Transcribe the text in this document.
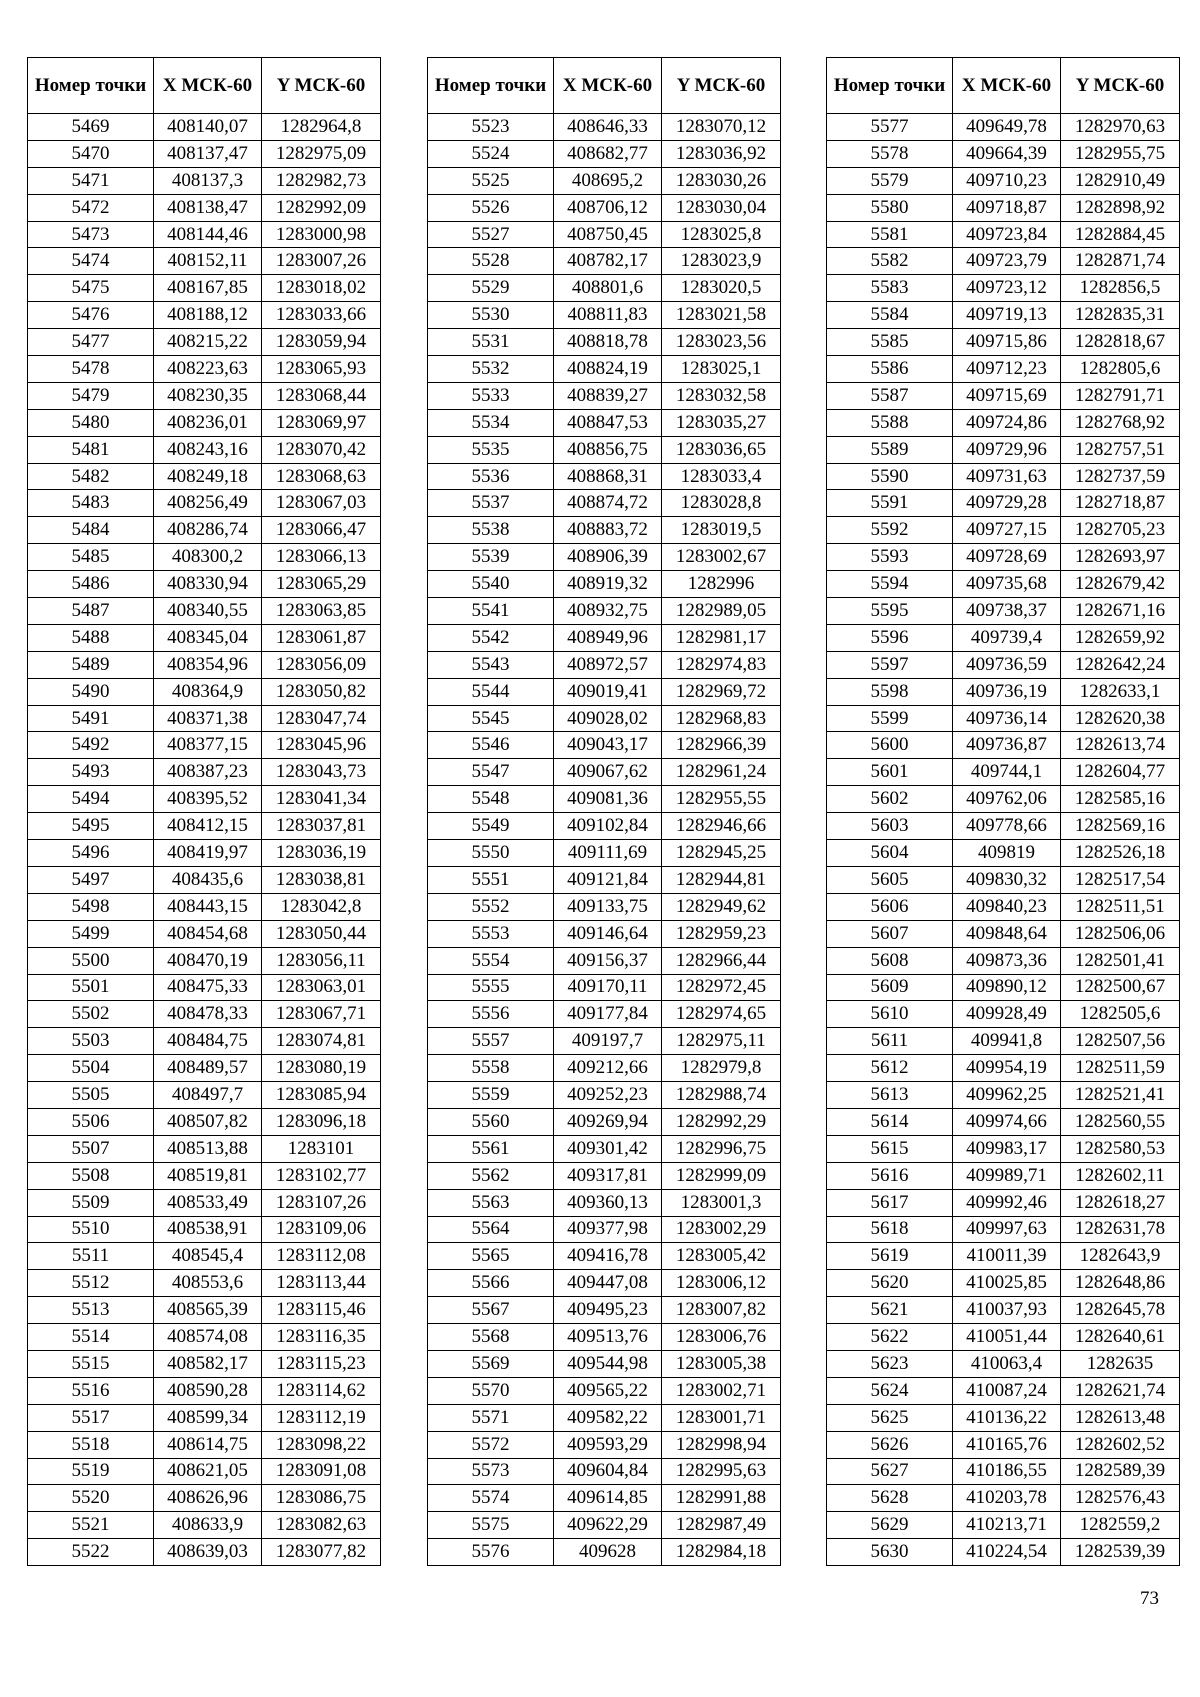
Номер точки	X МСК-60	Y МСК-60
5469	408140,07	1282964,8
5470	408137,47	1282975,09
5471	408137,3	1282982,73
5472	408138,47	1282992,09
5473	408144,46	1283000,98
5474	408152,11	1283007,26
5475	408167,85	1283018,02
5476	408188,12	1283033,66
5477	408215,22	1283059,94
5478	408223,63	1283065,93
5479	408230,35	1283068,44
5480	408236,01	1283069,97
5481	408243,16	1283070,42
5482	408249,18	1283068,63
5483	408256,49	1283067,03
5484	408286,74	1283066,47
5485	408300,2	1283066,13
5486	408330,94	1283065,29
5487	408340,55	1283063,85
5488	408345,04	1283061,87
5489	408354,96	1283056,09
5490	408364,9	1283050,82
5491	408371,38	1283047,74
5492	408377,15	1283045,96
5493	408387,23	1283043,73
5494	408395,52	1283041,34
5495	408412,15	1283037,81
5496	408419,97	1283036,19
5497	408435,6	1283038,81
5498	408443,15	1283042,8
5499	408454,68	1283050,44
5500	408470,19	1283056,11
5501	408475,33	1283063,01
5502	408478,33	1283067,71
5503	408484,75	1283074,81
5504	408489,57	1283080,19
5505	408497,7	1283085,94
5506	408507,82	1283096,18
5507	408513,88	1283101
5508	408519,81	1283102,77
5509	408533,49	1283107,26
5510	408538,91	1283109,06
5511	408545,4	1283112,08
5512	408553,6	1283113,44
5513	408565,39	1283115,46
5514	408574,08	1283116,35
5515	408582,17	1283115,23
5516	408590,28	1283114,62
5517	408599,34	1283112,19
5518	408614,75	1283098,22
5519	408621,05	1283091,08
5520	408626,96	1283086,75
5521	408633,9	1283082,63
5522	408639,03	1283077,82
Номер точки	X МСК-60	Y МСК-60
5523	408646,33	1283070,12
5524	408682,77	1283036,92
5525	408695,2	1283030,26
5526	408706,12	1283030,04
5527	408750,45	1283025,8
5528	408782,17	1283023,9
5529	408801,6	1283020,5
5530	408811,83	1283021,58
5531	408818,78	1283023,56
5532	408824,19	1283025,1
5533	408839,27	1283032,58
5534	408847,53	1283035,27
5535	408856,75	1283036,65
5536	408868,31	1283033,4
5537	408874,72	1283028,8
5538	408883,72	1283019,5
5539	408906,39	1283002,67
5540	408919,32	1282996
5541	408932,75	1282989,05
5542	408949,96	1282981,17
5543	408972,57	1282974,83
5544	409019,41	1282969,72
5545	409028,02	1282968,83
5546	409043,17	1282966,39
5547	409067,62	1282961,24
5548	409081,36	1282955,55
5549	409102,84	1282946,66
5550	409111,69	1282945,25
5551	409121,84	1282944,81
5552	409133,75	1282949,62
5553	409146,64	1282959,23
5554	409156,37	1282966,44
5555	409170,11	1282972,45
5556	409177,84	1282974,65
5557	409197,7	1282975,11
5558	409212,66	1282979,8
5559	409252,23	1282988,74
5560	409269,94	1282992,29
5561	409301,42	1282996,75
5562	409317,81	1282999,09
5563	409360,13	1283001,3
5564	409377,98	1283002,29
5565	409416,78	1283005,42
5566	409447,08	1283006,12
5567	409495,23	1283007,82
5568	409513,76	1283006,76
5569	409544,98	1283005,38
5570	409565,22	1283002,71
5571	409582,22	1283001,71
5572	409593,29	1282998,94
5573	409604,84	1282995,63
5574	409614,85	1282991,88
5575	409622,29	1282987,49
5576	409628	1282984,18
Номер точки	X МСК-60	Y МСК-60
5577	409649,78	1282970,63
5578	409664,39	1282955,75
5579	409710,23	1282910,49
5580	409718,87	1282898,92
5581	409723,84	1282884,45
5582	409723,79	1282871,74
5583	409723,12	1282856,5
5584	409719,13	1282835,31
5585	409715,86	1282818,67
5586	409712,23	1282805,6
5587	409715,69	1282791,71
5588	409724,86	1282768,92
5589	409729,96	1282757,51
5590	409731,63	1282737,59
5591	409729,28	1282718,87
5592	409727,15	1282705,23
5593	409728,69	1282693,97
5594	409735,68	1282679,42
5595	409738,37	1282671,16
5596	409739,4	1282659,92
5597	409736,59	1282642,24
5598	409736,19	1282633,1
5599	409736,14	1282620,38
5600	409736,87	1282613,74
5601	409744,1	1282604,77
5602	409762,06	1282585,16
5603	409778,66	1282569,16
5604	409819	1282526,18
5605	409830,32	1282517,54
5606	409840,23	1282511,51
5607	409848,64	1282506,06
5608	409873,36	1282501,41
5609	409890,12	1282500,67
5610	409928,49	1282505,6
5611	409941,8	1282507,56
5612	409954,19	1282511,59
5613	409962,25	1282521,41
5614	409974,66	1282560,55
5615	409983,17	1282580,53
5616	409989,71	1282602,11
5617	409992,46	1282618,27
5618	409997,63	1282631,78
5619	410011,39	1282643,9
5620	410025,85	1282648,86
5621	410037,93	1282645,78
5622	410051,44	1282640,61
5623	410063,4	1282635
5624	410087,24	1282621,74
5625	410136,22	1282613,48
5626	410165,76	1282602,52
5627	410186,55	1282589,39
5628	410203,78	1282576,43
5629	410213,71	1282559,2
5630	410224,54	1282539,39
73
